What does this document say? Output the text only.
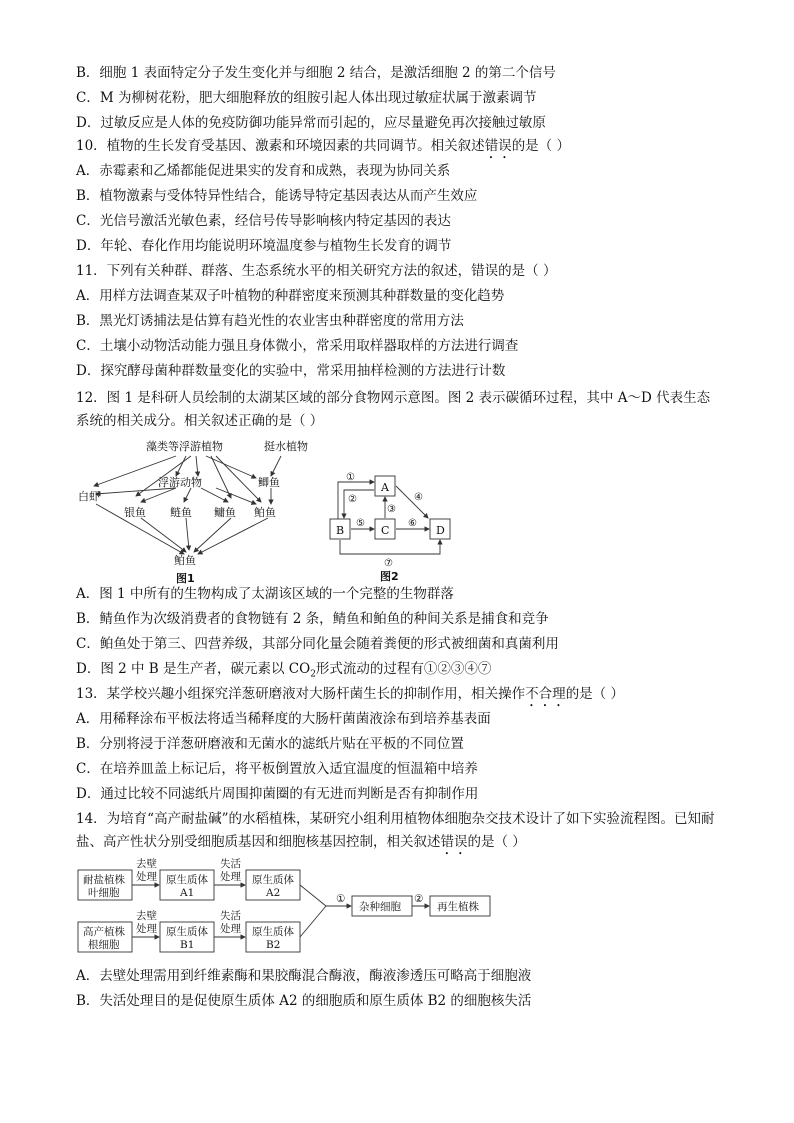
B．细胞 1 表面特定分子发生变化并与细胞 2 结合，是激活细胞 2 的第二个信号
C．M 为柳树花粉，肥大细胞释放的组胺引起人体出现过敏症状属于激素调节
D．过敏反应是人体的免疫防御功能异常而引起的，应尽量避免再次接触过敏原
10．植物的生长发育受基因、激素和环境因素的共同调节。相关叙述错误的是（ ）
A．赤霉素和乙烯都能促进果实的发育和成熟，表现为协同关系
B．植物激素与受体特异性结合，能诱导特定基因表达从而产生效应
C．光信号激活光敏色素，经信号传导影响核内特定基因的表达
D．年轮、春化作用均能说明环境温度参与植物生长发育的调节
11．下列有关种群、群落、生态系统水平的相关研究方法的叙述，错误的是（ ）
A．用样方法调查某双子叶植物的种群密度来预测其种群数量的变化趋势
B．黑光灯诱捕法是估算有趋光性的农业害虫种群密度的常用方法
C．土壤小动物活动能力强且身体微小，常采用取样器取样的方法进行调查
D．探究酵母菌种群数量变化的实验中，常采用抽样检测的方法进行计数
12．图 1 是科研人员绘制的太湖某区域的部分食物网示意图。图 2 表示碳循环过程，其中 A～D 代表生态
系统的相关成分。相关叙述正确的是（ ）
藻类等浮游植物	挺水植物
白虾
浮游动物	鲫鱼
银鱼 鲢鱼 鳙鱼 鲌鱼
鲌鱼
图1
A
B	C	D
①
②
③
④
⑤	⑥
⑦
图2
A．图 1 中所有的生物构成了太湖该区域的一个完整的生物群落
B．鲭鱼作为次级消费者的食物链有 2 条，鲭鱼和鲌鱼的种间关系是捕食和竞争
C．鲌鱼处于第三、四营养级，其部分同化量会随着粪便的形式被细菌和真菌利用
D．图 2 中 B 是生产者，碳元素以 $CO_2$形式流动的过程有①②③④⑦
13．某学校兴趣小组探究洋葱研磨液对大肠杆菌生长的抑制作用，相关操作不合理的是（ ）
A．用稀释涂布平板法将适当稀释度的大肠杆菌菌液涂布到培养基表面
B．分别将浸于洋葱研磨液和无菌水的滤纸片贴在平板的不同位置
C．在培养皿盖上标记后，将平板倒置放入适宜温度的恒温箱中培养
D．通过比较不同滤纸片周围抑菌圈的有无进而判断是否有抑制作用
14．为培育“高产耐盐碱”的水稻植株，某研究小组利用植物体细胞杂交技术设计了如下实验流程图。已知耐
盐、高产性状分别受细胞质基因和细胞核基因控制，相关叙述错误的是（ ）
耐盐植株
叶细胞
去壁
处理 原生质体
A1
失活
处理 原生质体
A2
高产植株
根细胞
去壁
处理 原生质体
B1
失活
处理 原生质体
B2
①
杂种细胞
②
再生植株
A．去壁处理需用到纤维素酶和果胶酶混合酶液，酶液渗透压可略高于细胞液
B．失活处理目的是促使原生质体 A2 的细胞质和原生质体 B2 的细胞核失活
